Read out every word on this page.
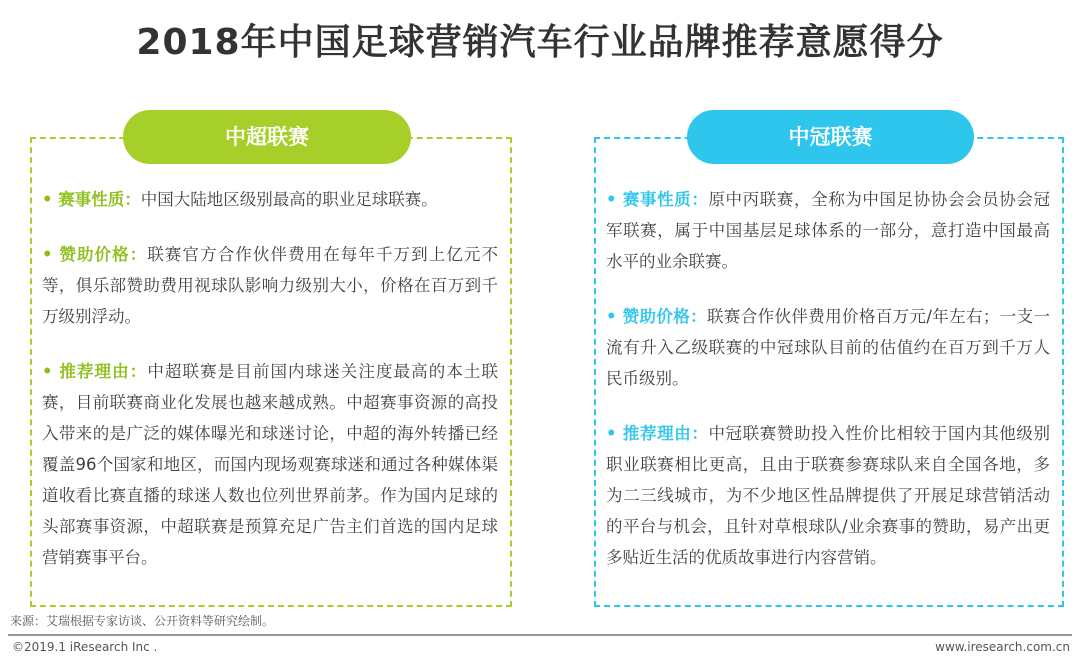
2018年中国足球营销汽车行业品牌推荐意愿得分
中超联赛

• 赛事性质：中国大陆地区级别最高的职业足球联赛。

• 赞助价格：联赛官方合作伙伴费用在每年千万到上亿元不等，俱乐部赞助费用视球队影响力级别大小，价格在百万到千万级别浮动。

• 推荐理由：中超联赛是目前国内球迷关注度最高的本土联赛，目前联赛商业化发展也越来越成熟。中超赛事资源的高投入带来的是广泛的媒体曝光和球迷讨论，中超的海外转播已经覆盖96个国家和地区，而国内现场观赛球迷和通过各种媒体渠道收看比赛直播的球迷人数也位列世界前茅。作为国内足球的头部赛事资源，中超联赛是预算充足广告主们首选的国内足球营销赛事平台。

中冠联赛

• 赛事性质：原中丙联赛，全称为中国足协协会会员协会冠军联赛，属于中国基层足球体系的一部分，意打造中国最高水平的业余联赛。

• 赞助价格：联赛合作伙伴费用价格百万元/年左右；一支一流有升入乙级联赛的中冠球队目前的估值约在百万到千万人民币级别。

• 推荐理由：中冠联赛赞助投入性价比相较于国内其他级别职业联赛相比更高，且由于联赛参赛球队来自全国各地，多为二三线城市，为不少地区性品牌提供了开展足球营销活动的平台与机会，且针对草根球队/业余赛事的赞助，易产出更多贴近生活的优质故事进行内容营销。

来源：艾瑞根据专家访谈、公开资料等研究绘制。
©2019.1 iResearch Inc .	www.iresearch.com.cn
